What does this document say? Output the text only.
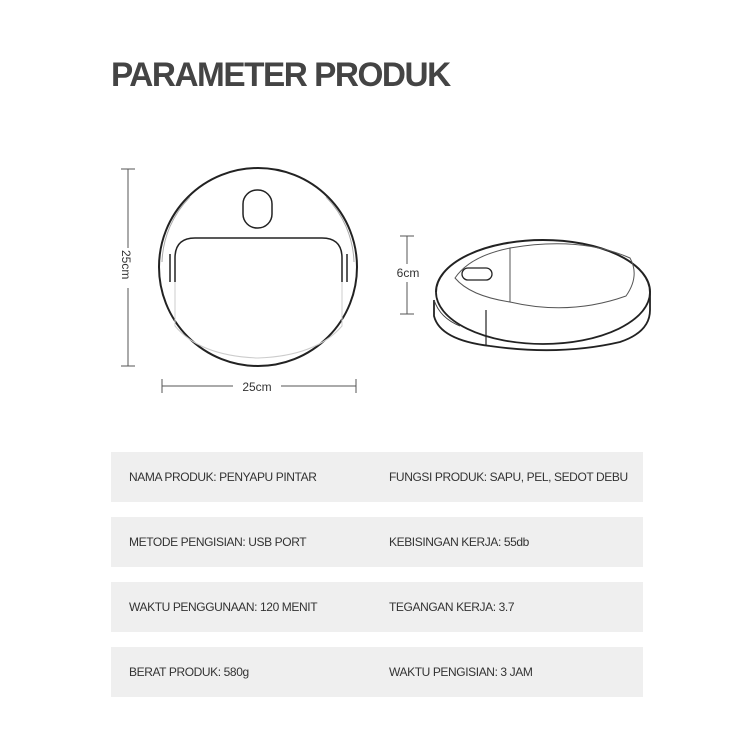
PARAMETER PRODUK
25cm
25cm
6cm
NAMA PRODUK: PENYAPU PINTAR	FUNGSI PRODUK: SAPU, PEL, SEDOT DEBU
METODE PENGISIAN: USB PORT	KEBISINGAN KERJA: 55db
WAKTU PENGGUNAAN: 120 MENIT	TEGANGAN KERJA: 3.7
BERAT PRODUK: 580g	WAKTU PENGISIAN: 3 JAM
